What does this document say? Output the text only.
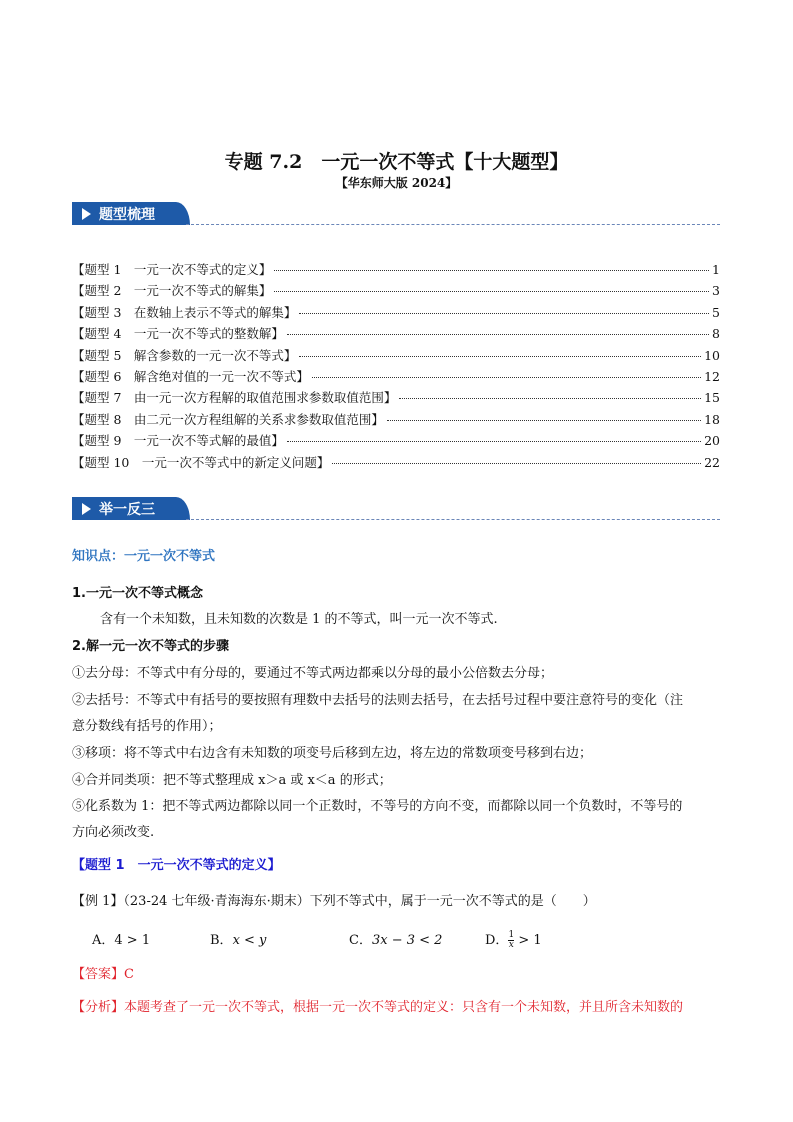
专题 7.2　一元一次不等式【十大题型】
【华东师大版 2024】
题型梳理
【题型 1　一元一次不等式的定义】	1
【题型 2　一元一次不等式的解集】	3
【题型 3　在数轴上表示不等式的解集】	5
【题型 4　一元一次不等式的整数解】	8
【题型 5　解含参数的一元一次不等式】	10
【题型 6　解含绝对值的一元一次不等式】	12
【题型 7　由一元一次方程解的取值范围求参数取值范围】	15
【题型 8　由二元一次方程组解的关系求参数取值范围】	18
【题型 9　一元一次不等式解的最值】	20
【题型 10　一元一次不等式中的新定义问题】	22
举一反三
知识点：一元一次不等式
1.一元一次不等式概念
含有一个未知数，且未知数的次数是 1 的不等式，叫一元一次不等式.
2.解一元一次不等式的步骤
①去分母：不等式中有分母的，要通过不等式两边都乘以分母的最小公倍数去分母；
②去括号：不等式中有括号的要按照有理数中去括号的法则去括号，在去括号过程中要注意符号的变化（注
意分数线有括号的作用）；
③移项：将不等式中右边含有未知数的项变号后移到左边，将左边的常数项变号移到右边；
④合并同类项：把不等式整理成 x＞a 或 x＜a 的形式；
⑤化系数为 1：把不等式两边都除以同一个正数时，不等号的方向不变，而都除以同一个负数时，不等号的
方向必须改变.
【题型 1　一元一次不等式的定义】
【例 1】（23-24 七年级·青海海东·期末）下列不等式中，属于一元一次不等式的是（　　）
A．4 > 1	B．x < y	C．3x − 3 < 2	D． $\frac{1}{x} > 1$
【答案】C
【分析】本题考查了一元一次不等式，根据一元一次不等式的定义：只含有一个未知数，并且所含未知数的
